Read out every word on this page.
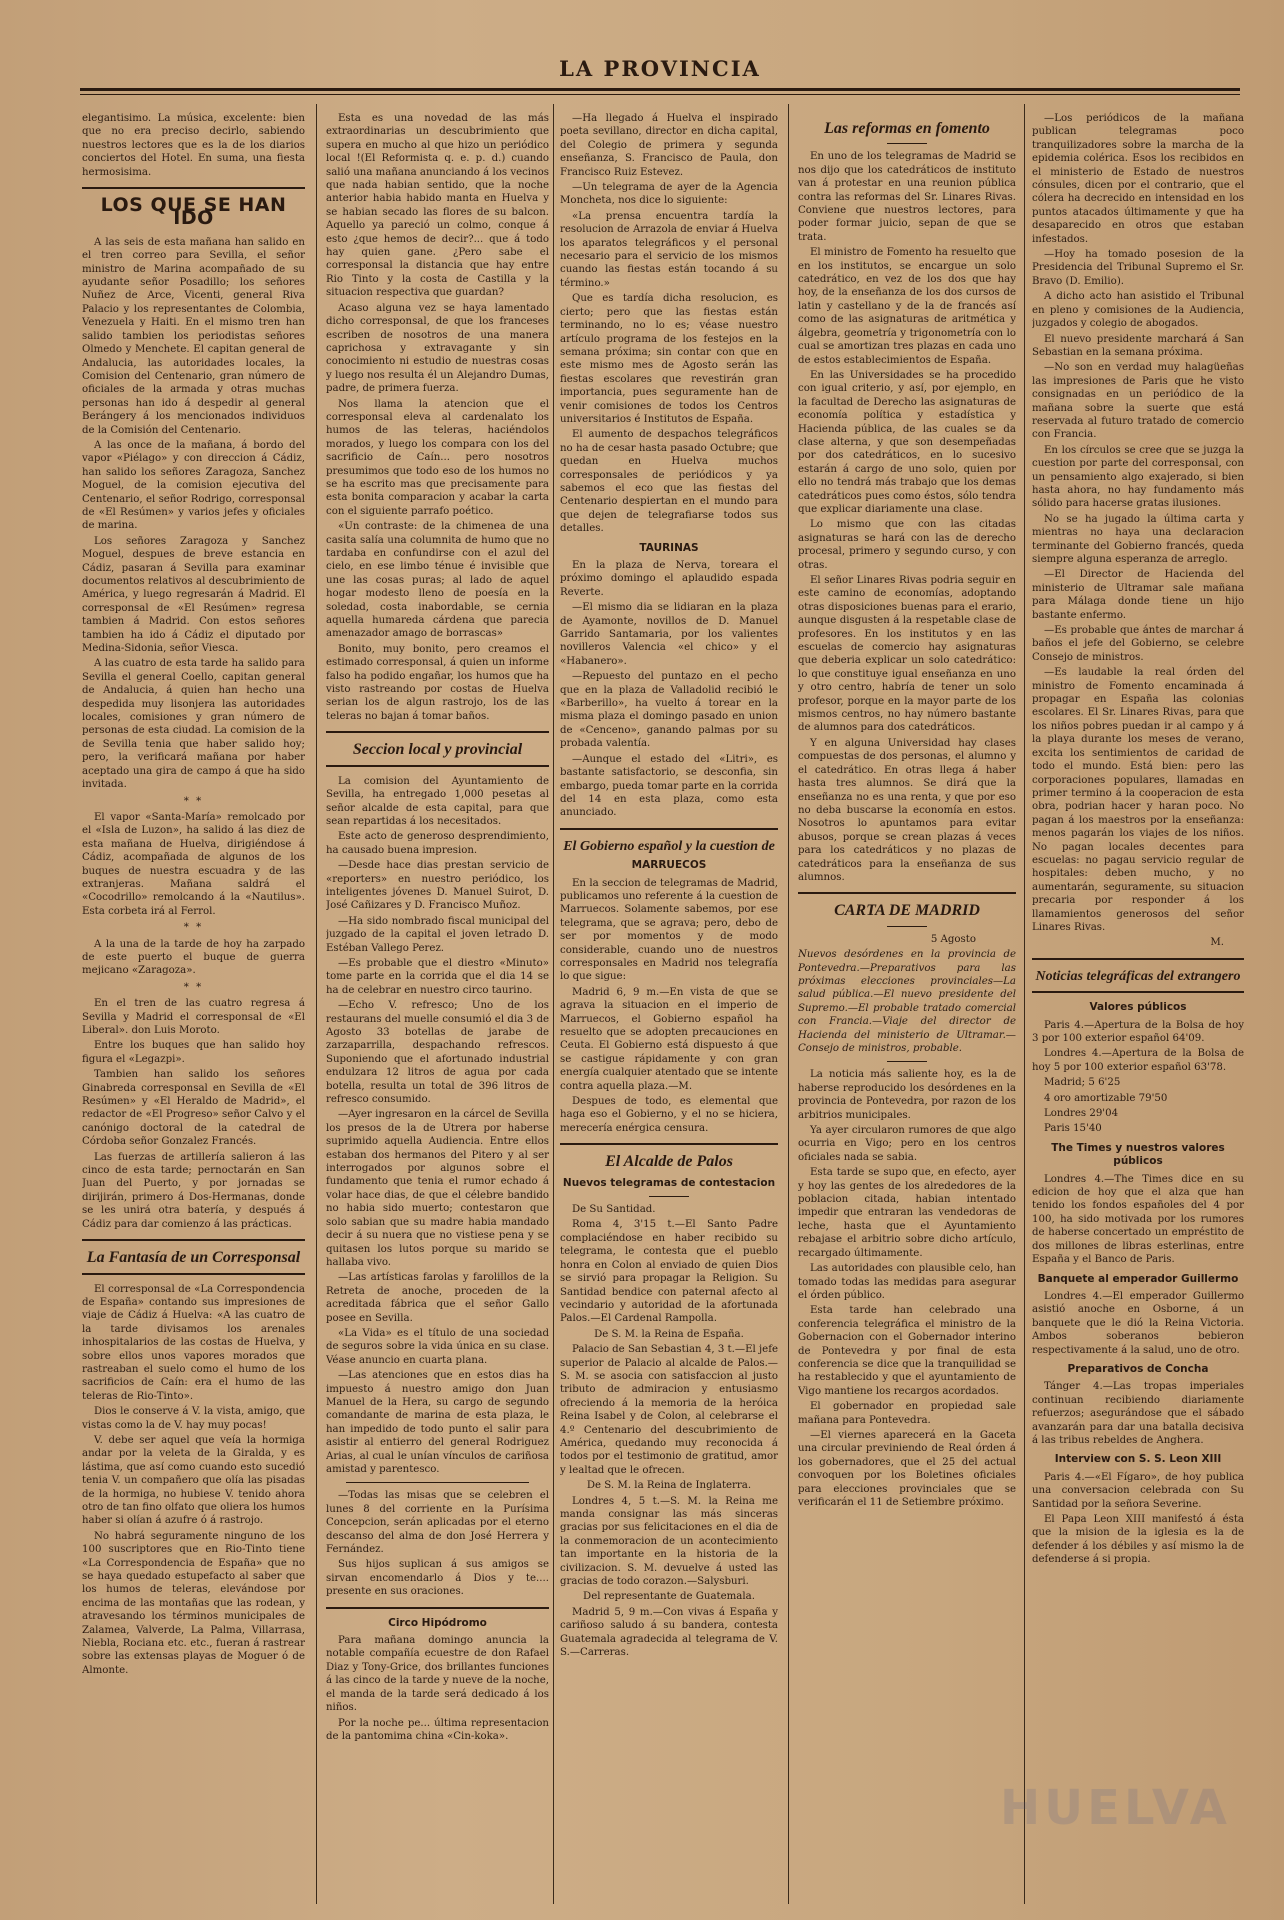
LA PROVINCIA

elegantisimo. La música, excelente: bien que no era preciso decirlo, sabiendo nuestros lectores que es la de los diarios conciertos del Hotel. En suma, una fiesta hermosisima.

LOS QUE SE HAN IDO

A las seis de esta mañana han salido en el tren correo para Sevilla, el señor ministro de Marina acompañado de su ayudante señor Posadillo; los señores Nuñez de Arce, Vicenti, general Riva Palacio y los representantes de Colombia, Venezuela y Haiti. En el mismo tren han salido tambien los periodistas señores Olmedo y Menchete. El capitan general de Andalucia, las autoridades locales, la Comision del Centenario, gran número de oficiales de la armada y otras muchas personas han ido á despedir al general Berángery á los mencionados individuos de la Comisión del Centenario.

A las once de la mañana, á bordo del vapor «Piélago» y con direccion á Cádiz, han salido los señores Zaragoza, Sanchez Moguel, de la comision ejecutiva del Centenario, el señor Rodrigo, corresponsal de «El Resúmen» y varios jefes y oficiales de marina.

Los señores Zaragoza y Sanchez Moguel, despues de breve estancia en Cádiz, pasaran á Sevilla para examinar documentos relativos al descubrimiento de América, y luego regresarán á Madrid. El corresponsal de «El Resúmen» regresa tambien á Madrid. Con estos señores tambien ha ido á Cádiz el diputado por Medina-Sidonia, señor Viesca.

A las cuatro de esta tarde ha salido para Sevilla el general Coello, capitan general de Andalucia, á quien han hecho una despedida muy lisonjera las autoridades locales, comisiones y gran número de personas de esta ciudad. La comision de la de Sevilla tenia que haber salido hoy; pero, la verificará mañana por haber aceptado una gira de campo á que ha sido invitada.

* *

El vapor «Santa-María» remolcado por el «Isla de Luzon», ha salido á las diez de esta mañana de Huelva, dirigiéndose á Cádiz, acompañada de algunos de los buques de nuestra escuadra y de las extranjeras. Mañana saldrá el «Cocodrillo» remolcando á la «Nautilus». Esta corbeta irá al Ferrol.

* *

A la una de la tarde de hoy ha zarpado de este puerto el buque de guerra mejicano «Zaragoza».

* *

En el tren de las cuatro regresa á Sevilla y Madrid el corresponsal de «El Liberal». don Luis Moroto.

Entre los buques que han salido hoy figura el «Legazpi».

Tambien han salido los señores Ginabreda corresponsal en Sevilla de «El Resúmen» y «El Heraldo de Madrid», el redactor de «El Progreso» señor Calvo y el canónigo doctoral de la catedral de Córdoba señor Gonzalez Francés.

Las fuerzas de artillería salieron á las cinco de esta tarde; pernoctarán en San Juan del Puerto, y por jornadas se dirijirán, primero á Dos-Hermanas, donde se les unirá otra batería, y después á Cádiz para dar comienzo á las prácticas.

La Fantasía de un Corresponsal

El corresponsal de «La Correspondencia de España» contando sus impresiones de viaje de Cádiz á Huelva: «A las cuatro de la tarde divisamos los arenales inhospitalarios de las costas de Huelva, y sobre ellos unos vapores morados que rastreaban el suelo como el humo de los sacrificios de Caín: era el humo de las teleras de Rio-Tinto».

Dios le conserve á V. la vista, amigo, que vistas como la de V. hay muy pocas!

V. debe ser aquel que veía la hormiga andar por la veleta de la Giralda, y es lástima, que así como cuando esto sucedió tenia V. un compañero que olía las pisadas de la hormiga, no hubiese V. tenido ahora otro de tan fino olfato que oliera los humos haber si olían á azufre ó á rastrojo.

No habrá seguramente ninguno de los 100 suscriptores que en Rio-Tinto tiene «La Correspondencia de España» que no se haya quedado estupefacto al saber que los humos de teleras, elevándose por encima de las montañas que las rodean, y atravesando los términos municipales de Zalamea, Valverde, La Palma, Villarrasa, Niebla, Rociana etc. etc., fueran á rastrear sobre las extensas playas de Moguer ó de Almonte.

Esta es una novedad de las más extraordinarias un descubrimiento que supera en mucho al que hizo un periódico local !(El Reformista q. e. p. d.) cuando salió una mañana anunciando á los vecinos que nada habian sentido, que la noche anterior habia habido manta en Huelva y se habian secado las flores de su balcon. Aquello ya pareció un colmo, conque á esto ¿que hemos de decir?... que á todo hay quien gane. ¿Pero sabe el corresponsal la distancia que hay entre Rio Tinto y la costa de Castilla y la situacion respectiva que guardan?

Acaso alguna vez se haya lamentado dicho corresponsal, de que los franceses escriben de nosotros de una manera caprichosa y extravagante y sin conocimiento ni estudio de nuestras cosas y luego nos resulta él un Alejandro Dumas, padre, de primera fuerza.

Nos llama la atencion que el corresponsal eleva al cardenalato los humos de las teleras, haciéndolos morados, y luego los compara con los del sacrificio de Caín... pero nosotros presumimos que todo eso de los humos no se ha escrito mas que precisamente para esta bonita comparacion y acabar la carta con el siguiente parrafo poético.

«Un contraste: de la chimenea de una casita salía una columnita de humo que no tardaba en confundirse con el azul del cielo, en ese limbo ténue é invisible que une las cosas puras; al lado de aquel hogar modesto lleno de poesía en la soledad, costa inabordable, se cernia aquella humareda cárdena que parecia amenazador amago de borrascas»

Bonito, muy bonito, pero creamos el estimado corresponsal, á quien un informe falso ha podido engañar, los humos que ha visto rastreando por costas de Huelva serian los de algun rastrojo, los de las teleras no bajan á tomar baños.

Seccion local y provincial

La comision del Ayuntamiento de Sevilla, ha entregado 1,000 pesetas al señor alcalde de esta capital, para que sean repartidas á los necesitados.

Este acto de generoso desprendimiento, ha causado buena impresion.

—Desde hace dias prestan servicio de «reporters» en nuestro periódico, los inteligentes jóvenes D. Manuel Suirot, D. José Cañizares y D. Francisco Muñoz.

—Ha sido nombrado fiscal municipal del juzgado de la capital el joven letrado D. Estéban Vallego Perez.

—Es probable que el diestro «Minuto» tome parte en la corrida que el dia 14 se ha de celebrar en nuestro circo taurino.

—Echo V. refresco; Uno de los restaurans del muelle consumió el dia 3 de Agosto 33 botellas de jarabe de zarzaparrilla, despachando refrescos. Suponiendo que el afortunado industrial endulzara 12 litros de agua por cada botella, resulta un total de 396 litros de refresco consumido.

—Ayer ingresaron en la cárcel de Sevilla los presos de la de Utrera por haberse suprimido aquella Audiencia. Entre ellos estaban dos hermanos del Pitero y al ser interrogados por algunos sobre el fundamento que tenia el rumor echado á volar hace dias, de que el célebre bandido no habia sido muerto; contestaron que solo sabian que su madre habia mandado decir á su nuera que no vistiese pena y se quitasen los lutos porque su marido se hallaba vivo.

—Las artísticas farolas y farolillos de la Retreta de anoche, proceden de la acreditada fábrica que el señor Gallo posee en Sevilla.

«La Vida» es el título de una sociedad de seguros sobre la vida única en su clase. Véase anuncio en cuarta plana.

—Las atenciones que en estos dias ha impuesto á nuestro amigo don Juan Manuel de la Hera, su cargo de segundo comandante de marina de esta plaza, le han impedido de todo punto el salir para asistir al entierro del general Rodriguez Arias, al cual le unían vínculos de cariñosa amistad y parentesco.

—Todas las misas que se celebren el lunes 8 del corriente en la Purísima Concepcion, serán aplicadas por el eterno descanso del alma de don José Herrera y Fernández.

Sus hijos suplican á sus amigos se sirvan encomendarlo á Dios y te.... presente en sus oraciones.

Circo Hipódromo

Para mañana domingo anuncia la notable compañía ecuestre de don Rafael Diaz y Tony-Grice, dos brillantes funciones á las cinco de la tarde y nueve de la noche, el manda de la tarde será dedicado á los niños.

Por la noche pe... última representacion de la pantomima china «Cin-koka».

—Ha llegado á Huelva el inspirado poeta sevillano, director en dicha capital, del Colegio de primera y segunda enseñanza, S. Francisco de Paula, don Francisco Ruiz Estevez.

—Un telegrama de ayer de la Agencia Moncheta, nos dice lo siguiente:

«La prensa encuentra tardía la resolucion de Arrazola de enviar á Huelva los aparatos telegráficos y el personal necesario para el servicio de los mismos cuando las fiestas están tocando á su término.»

Que es tardía dicha resolucion, es cierto; pero que las fiestas están terminando, no lo es; véase nuestro artículo programa de los festejos en la semana próxima; sin contar con que en este mismo mes de Agosto serán las fiestas escolares que revestirán gran importancia, pues seguramente han de venir comisiones de todos los Centros universitarios é Institutos de España.

El aumento de despachos telegráficos no ha de cesar hasta pasado Octubre; que quedan en Huelva muchos corresponsales de periódicos y ya sabemos el eco que las fiestas del Centenario despiertan en el mundo para que dejen de telegrafiarse todos sus detalles.

TAURINAS

En la plaza de Nerva, toreara el próximo domingo el aplaudido espada Reverte.

—El mismo dia se lidiaran en la plaza de Ayamonte, novillos de D. Manuel Garrido Santamaria, por los valientes novilleros Valencia «el chico» y el «Habanero».

—Repuesto del puntazo en el pecho que en la plaza de Valladolid recibió le «Barberillo», ha vuelto á torear en la misma plaza el domingo pasado en union de «Cenceno», ganando palmas por su probada valentía.

—Aunque el estado del «Litri», es bastante satisfactorio, se desconfia, sin embargo, pueda tomar parte en la corrida del 14 en esta plaza, como esta anunciado.

El Gobierno español y la cuestion de
MARRUECOS

En la seccion de telegramas de Madrid, publicamos uno referente á la cuestion de Marruecos. Solamente sabemos, por ese telegrama, que se agrava; pero, debo de ser por momentos y de modo considerable, cuando uno de nuestros corresponsales en Madrid nos telegrafía lo que sigue:

Madrid 6, 9 m.—En vista de que se agrava la situacion en el imperio de Marruecos, el Gobierno español ha resuelto que se adopten precauciones en Ceuta. El Gobierno está dispuesto á que se castigue rápidamente y con gran energía cualquier atentado que se intente contra aquella plaza.—M.

Despues de todo, es elemental que haga eso el Gobierno, y el no se hiciera, merecería enérgica censura.

El Alcalde de Palos
Nuevos telegramas de contestacion

De Su Santidad.

Roma 4, 3'15 t.—El Santo Padre complaciéndose en haber recibido su telegrama, le contesta que el pueblo honra en Colon al enviado de quien Dios se sirvió para propagar la Religion. Su Santidad bendice con paternal afecto al vecindario y autoridad de la afortunada Palos.—El Cardenal Rampolla.

De S. M. la Reina de España.

Palacio de San Sebastian 4, 3 t.—El jefe superior de Palacio al alcalde de Palos.—S. M. se asocia con satisfaccion al justo tributo de admiracion y entusiasmo ofreciendo á la memoria de la heróica Reina Isabel y de Colon, al celebrarse el 4.º Centenario del descubrimiento de América, quedando muy reconocida á todos por el testimonio de gratitud, amor y lealtad que le ofrecen.

De S. M. la Reina de Inglaterra.

Londres 4, 5 t.—S. M. la Reina me manda consignar las más sinceras gracias por sus felicitaciones en el dia de la conmemoracion de un acontecimiento tan importante en la historia de la civilizacion. S. M. devuelve á usted las gracias de todo corazon.—Salysburi.

Del representante de Guatemala.

Madrid 5, 9 m.—Con vivas á España y cariñoso saludo á su bandera, contesta Guatemala agradecida al telegrama de V. S.—Carreras.

Las reformas en fomento

En uno de los telegramas de Madrid se nos dijo que los catedráticos de instituto van á protestar en una reunion pública contra las reformas del Sr. Linares Rivas. Conviene que nuestros lectores, para poder formar juicio, sepan de que se trata.

El ministro de Fomento ha resuelto que en los institutos, se encargue un solo catedrático, en vez de los dos que hay hoy, de la enseñanza de los dos cursos de latin y castellano y de la de francés así como de las asignaturas de aritmética y álgebra, geometría y trigonometría con lo cual se amortizan tres plazas en cada uno de estos establecimientos de España.

En las Universidades se ha procedido con igual criterio, y así, por ejemplo, en la facultad de Derecho las asignaturas de economía política y estadística y Hacienda pública, de las cuales se da clase alterna, y que son desempeñadas por dos catedráticos, en lo sucesivo estarán á cargo de uno solo, quien por ello no tendrá más trabajo que los demas catedráticos pues como éstos, sólo tendra que explicar diariamente una clase.

Lo mismo que con las citadas asignaturas se hará con las de derecho procesal, primero y segundo curso, y con otras.

El señor Linares Rivas podria seguir en este camino de economías, adoptando otras disposiciones buenas para el erario, aunque disgusten á la respetable clase de profesores. En los institutos y en las escuelas de comercio hay asignaturas que deberia explicar un solo catedrático: lo que constituye igual enseñanza en uno y otro centro, habría de tener un solo profesor, porque en la mayor parte de los mismos centros, no hay número bastante de alumnos para dos catedráticos.

Y en alguna Universidad hay clases compuestas de dos personas, el alumno y el catedrático. En otras llega á haber hasta tres alumnos. Se dirá que la enseñanza no es una renta, y que por eso no deba buscarse la economía en estos. Nosotros lo apuntamos para evitar abusos, porque se crean plazas á veces para los catedráticos y no plazas de catedráticos para la enseñanza de sus alumnos.

CARTA DE MADRID

5 Agosto

Nuevos desórdenes en la provincia de Pontevedra.—Preparativos para las próximas elecciones provinciales—La salud pública.—El nuevo presidente del Supremo.—El probable tratado comercial con Francia.—Viaje del director de Hacienda del ministerio de Ultramar.—Consejo de ministros, probable.

La noticia más saliente hoy, es la de haberse reproducido los desórdenes en la provincia de Pontevedra, por razon de los arbitrios municipales.

Ya ayer circularon rumores de que algo ocurria en Vigo; pero en los centros oficiales nada se sabia.

Esta tarde se supo que, en efecto, ayer y hoy las gentes de los alrededores de la poblacion citada, habian intentado impedir que entraran las vendedoras de leche, hasta que el Ayuntamiento rebajase el arbitrio sobre dicho artículo, recargado últimamente.

Las autoridades con plausible celo, han tomado todas las medidas para asegurar el órden público.

Esta tarde han celebrado una conferencia telegráfica el ministro de la Gobernacion con el Gobernador interino de Pontevedra y por final de esta conferencia se dice que la tranquilidad se ha restablecido y que el ayuntamiento de Vigo mantiene los recargos acordados.

El gobernador en propiedad sale mañana para Pontevedra.

—El viernes aparecerá en la Gaceta una circular previniendo de Real órden á los gobernadores, que el 25 del actual convoquen por los Boletines oficiales para elecciones provinciales que se verificarán el 11 de Setiembre próximo.

—Los periódicos de la mañana publican telegramas poco tranquilizadores sobre la marcha de la epidemia colérica. Esos los recibidos en el ministerio de Estado de nuestros cónsules, dicen por el contrario, que el cólera ha decrecido en intensidad en los puntos atacados últimamente y que ha desaparecido en otros que estaban infestados.

—Hoy ha tomado posesion de la Presidencia del Tribunal Supremo el Sr. Bravo (D. Emilio).

A dicho acto han asistido el Tribunal en pleno y comisiones de la Audiencia, juzgados y colegio de abogados.

El nuevo presidente marchará á San Sebastian en la semana próxima.

—No son en verdad muy halagüeñas las impresiones de Paris que he visto consignadas en un periódico de la mañana sobre la suerte que está reservada al futuro tratado de comercio con Francia.

En los círculos se cree que se juzga la cuestion por parte del corresponsal, con un pensamiento algo exajerado, si bien hasta ahora, no hay fundamento más sólido para hacerse gratas ilusiones.

No se ha jugado la última carta y mientras no haya una declaracion terminante del Gobierno francés, queda siempre alguna esperanza de arreglo.

—El Director de Hacienda del ministerio de Ultramar sale mañana para Málaga donde tiene un hijo bastante enfermo.

—Es probable que ántes de marchar á baños el jefe del Gobierno, se celebre Consejo de ministros.

—Es laudable la real órden del ministro de Fomento encaminada á propagar en España las colonias escolares. El Sr. Linares Rivas, para que los niños pobres puedan ir al campo y á la playa durante los meses de verano, excita los sentimientos de caridad de todo el mundo. Está bien: pero las corporaciones populares, llamadas en primer termino á la cooperacion de esta obra, podrian hacer y haran poco. No pagan á los maestros por la enseñanza: menos pagarán los viajes de los niños. No pagan locales decentes para escuelas: no pagau servicio regular de hospitales: deben mucho, y no aumentarán, seguramente, su situacion precaria por responder á los llamamientos generosos del señor Linares Rivas.

M.

Noticias telegráficas del extrangero
Valores públicos

Paris 4.—Apertura de la Bolsa de hoy 3 por 100 exterior español 64'09.

Londres 4.—Apertura de la Bolsa de hoy 5 por 100 exterior español 63'78.

Madrid; 5 6'25

4 oro amortizable 79'50

Londres 29'04

Paris 15'40

The Times y nuestros valores públicos

Londres 4.—The Times dice en su edicion de hoy que el alza que han tenido los fondos españoles del 4 por 100, ha sido motivada por los rumores de haberse concertado un empréstito de dos millones de libras esterlinas, entre España y el Banco de Paris.

Banquete al emperador Guillermo

Londres 4.—El emperador Guillermo asistió anoche en Osborne, á un banquete que le dió la Reina Victoria. Ambos soberanos bebieron respectivamente á la salud, uno de otro.

Preparativos de Concha

Tánger 4.—Las tropas imperiales continuan recibiendo diariamente refuerzos; asegurándose que el sábado avanzarán para dar una batalla decisiva á las tribus rebeldes de Anghera.

Interview con S. S. Leon XIII

Paris 4.—«El Fígaro», de hoy publica una conversacion celebrada con Su Santidad por la señora Severine.

El Papa Leon XIII manifestó á ésta que la mision de la iglesia es la de defender á los débiles y así mismo la de defenderse á si propia.

HUELVA
